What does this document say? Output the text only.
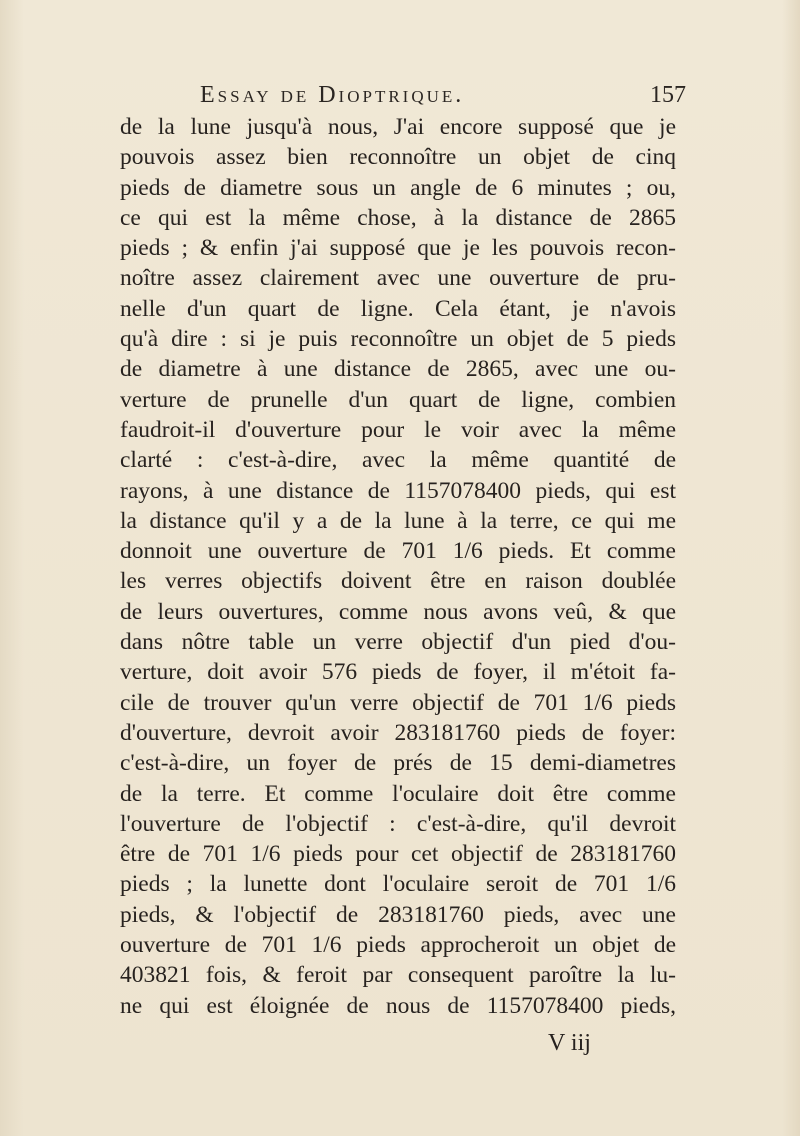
Essay de Dioptrique.	157
de la lune jusqu'à nous, J'ai encore supposé que je
pouvois assez bien reconnoître un objet de cinq
pieds de diametre sous un angle de 6 minutes ; ou,
ce qui est la même chose, à la distance de 2865
pieds ; & enfin j'ai supposé que je les pouvois recon-
noître assez clairement avec une ouverture de pru-
nelle d'un quart de ligne. Cela étant, je n'avois
qu'à dire : si je puis reconnoître un objet de 5 pieds
de diametre à une distance de 2865, avec une ou-
verture de prunelle d'un quart de ligne, combien
faudroit-il d'ouverture pour le voir avec la même
clarté : c'est-à-dire, avec la même quantité de
rayons, à une distance de 1157078400 pieds, qui est
la distance qu'il y a de la lune à la terre, ce qui me
donnoit une ouverture de 701 1/6 pieds. Et comme
les verres objectifs doivent être en raison doublée
de leurs ouvertures, comme nous avons veû, & que
dans nôtre table un verre objectif d'un pied d'ou-
verture, doit avoir 576 pieds de foyer, il m'étoit fa-
cile de trouver qu'un verre objectif de 701 1/6 pieds
d'ouverture, devroit avoir 283181760 pieds de foyer:
c'est-à-dire, un foyer de prés de 15 demi-diametres
de la terre. Et comme l'oculaire doit être comme
l'ouverture de l'objectif : c'est-à-dire, qu'il devroit
être de 701 1/6 pieds pour cet objectif de 283181760
pieds ; la lunette dont l'oculaire seroit de 701 1/6
pieds, & l'objectif de 283181760 pieds, avec une
ouverture de 701 1/6 pieds approcheroit un objet de
403821 fois, & feroit par consequent paroître la lu-
ne qui est éloignée de nous de 1157078400 pieds,
V iij
